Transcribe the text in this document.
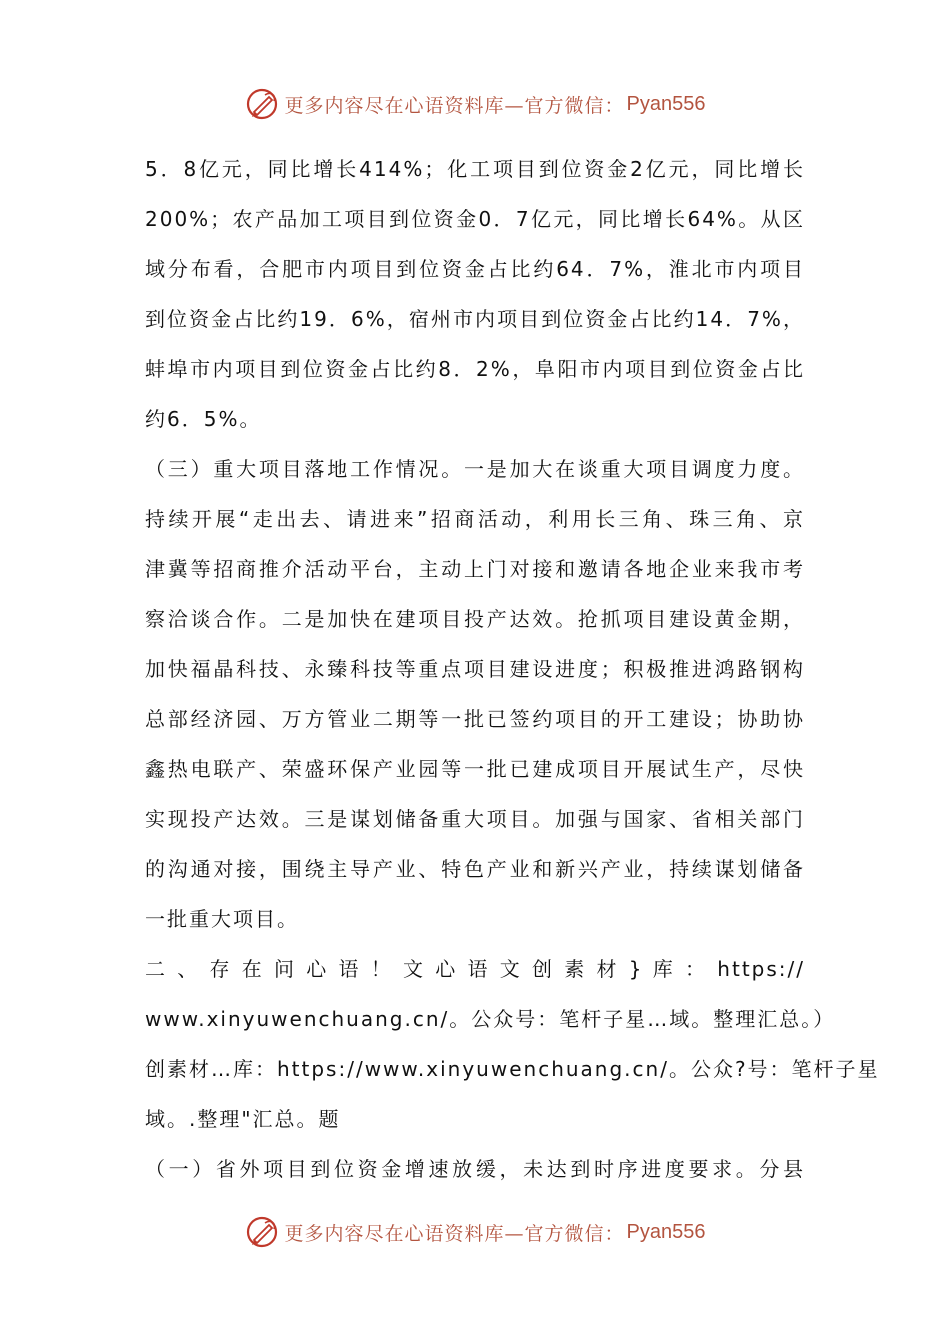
更多内容尽在心语资料库—官方微信： Pyan556
5．8亿元，同比增长414%；化工项目到位资金2亿元，同比增长
200%；农产品加工项目到位资金0．7亿元，同比增长64%。从区
域分布看，合肥市内项目到位资金占比约64．7%，淮北市内项目
到位资金占比约19．6%，宿州市内项目到位资金占比约14．7%，
蚌埠市内项目到位资金占比约8．2%，阜阳市内项目到位资金占比
约6．5%。
（三）重大项目落地工作情况。一是加大在谈重大项目调度力度。
持续开展“走出去、请进来”招商活动，利用长三角、珠三角、京
津冀等招商推介活动平台，主动上门对接和邀请各地企业来我市考
察洽谈合作。二是加快在建项目投产达效。抢抓项目建设黄金期，
加快福晶科技、永臻科技等重点项目建设进度；积极推进鸿路钢构
总部经济园、万方管业二期等一批已签约项目的开工建设；协助协
鑫热电联产、荣盛环保产业园等一批已建成项目开展试生产，尽快
实现投产达效。三是谋划储备重大项目。加强与国家、省相关部门
的沟通对接，围绕主导产业、特色产业和新兴产业，持续谋划储备
一批重大项目。
二 、 存 在 问 心 语 ！ 文 心 语 文 创 素 材 } 库 ： https://
www.xinyuwenchuang.cn/。公众号：笔杆子星…域。整理汇总。）
创素材…库：https://www.xinyuwenchuang.cn/。公众?号：笔杆子星
域。.整理"汇总。题
（一）省外项目到位资金增速放缓，未达到时序进度要求。分县
更多内容尽在心语资料库—官方微信： Pyan556
